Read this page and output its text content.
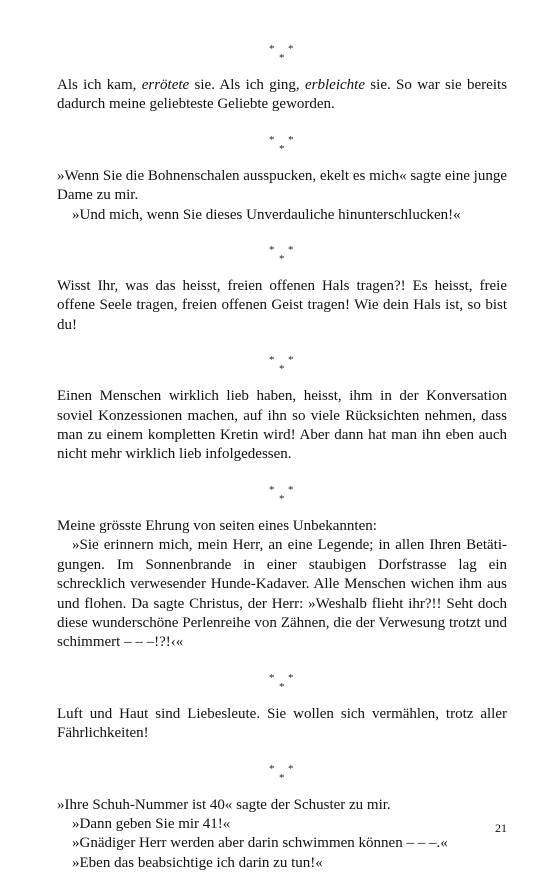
* *
*

Als ich kam, errötete sie. Als ich ging, erbleichte sie. So war sie bereits dadurch meine geliebteste Geliebte geworden.

* *
*

»Wenn Sie die Bohnenschalen ausspucken, ekelt es mich« sagte eine junge Dame zu mir.

»Und mich, wenn Sie dieses Unverdauliche hinunterschlucken!«

* *
*

Wisst Ihr, was das heisst, freien offenen Hals tragen?! Es heisst, freie offene Seele tragen, freien offenen Geist tragen! Wie dein Hals ist, so bist du!

* *
*

Einen Menschen wirklich lieb haben, heisst, ihm in der Konversation soviel Konzessionen machen, auf ihn so viele Rücksichten nehmen, dass man zu einem kompletten Kretin wird! Aber dann hat man ihn eben auch nicht mehr wirklich lieb infolgedessen.

* *
*

Meine grösste Ehrung von seiten eines Unbekannten:

»Sie erinnern mich, mein Herr, an eine Legende; in allen Ihren Betätigungen. Im Sonnenbrande in einer staubigen Dorfstrasse lag ein schrecklich verwesender Hunde-Kadaver. Alle Menschen wichen ihm aus und flohen. Da sagte Christus, der Herr: »Weshalb flieht ihr?!! Seht doch diese wunderschöne Perlenreihe von Zähnen, die der Verwesung trotzt und schimmert – – –!?!‹«

* *
*

Luft und Haut sind Liebesleute. Sie wollen sich vermählen, trotz aller Fährlichkeiten!

* *
*

»Ihre Schuh-Nummer ist 40« sagte der Schuster zu mir.

»Dann geben Sie mir 41!«

»Gnädiger Herr werden aber darin schwimmen können – – –.«

»Eben das beabsichtige ich darin zu tun!«

21
